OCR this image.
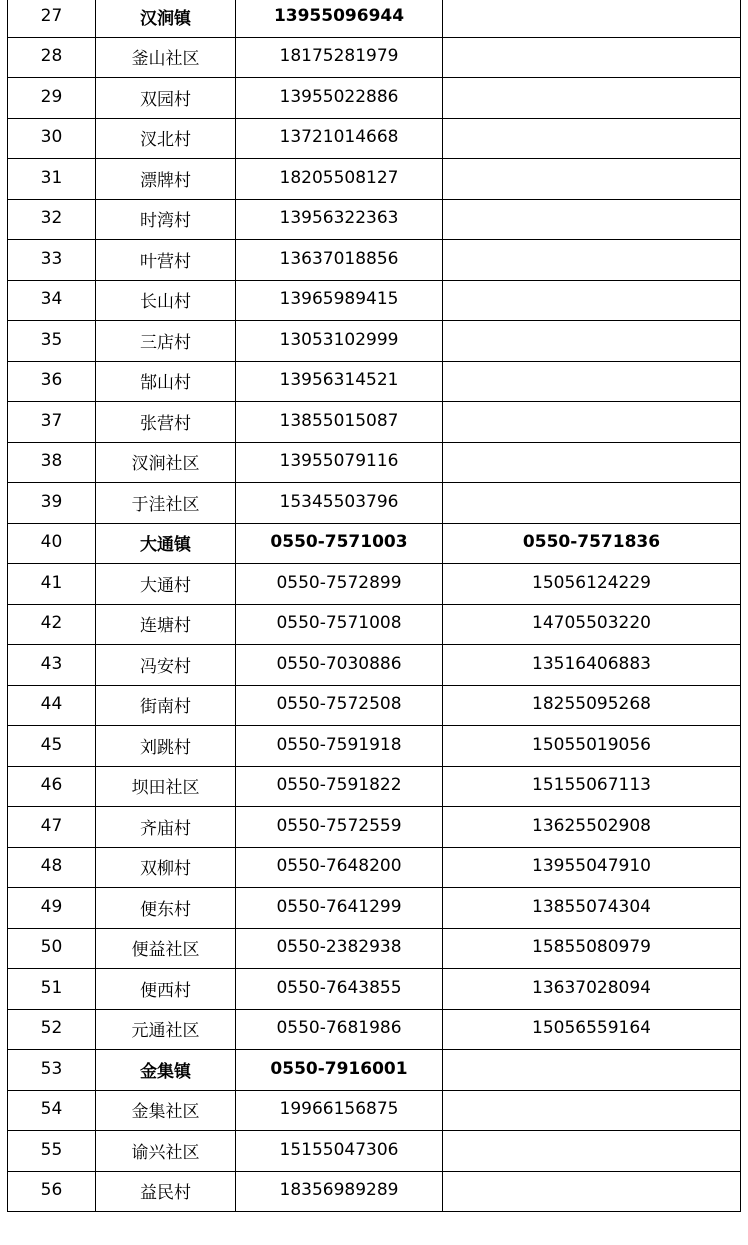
27	汉涧镇	13955096944	
28	釜山社区	18175281979	
29	双园村	13955022886	
30	汊北村	13721014668	
31	漂牌村	18205508127	
32	时湾村	13956322363	
33	叶营村	13637018856	
34	长山村	13965989415	
35	三店村	13053102999	
36	郜山村	13956314521	
37	张营村	13855015087	
38	汊涧社区	13955079116	
39	于洼社区	15345503796	
40	大通镇	0550-7571003	0550-7571836
41	大通村	0550-7572899	15056124229
42	连塘村	0550-7571008	14705503220
43	冯安村	0550-7030886	13516406883
44	街南村	0550-7572508	18255095268
45	刘跳村	0550-7591918	15055019056
46	坝田社区	0550-7591822	15155067113
47	齐庙村	0550-7572559	13625502908
48	双柳村	0550-7648200	13955047910
49	便东村	0550-7641299	13855074304
50	便益社区	0550-2382938	15855080979
51	便西村	0550-7643855	13637028094
52	元通社区	0550-7681986	15056559164
53	金集镇	0550-7916001	
54	金集社区	19966156875	
55	谕兴社区	15155047306	
56	益民村	18356989289	
